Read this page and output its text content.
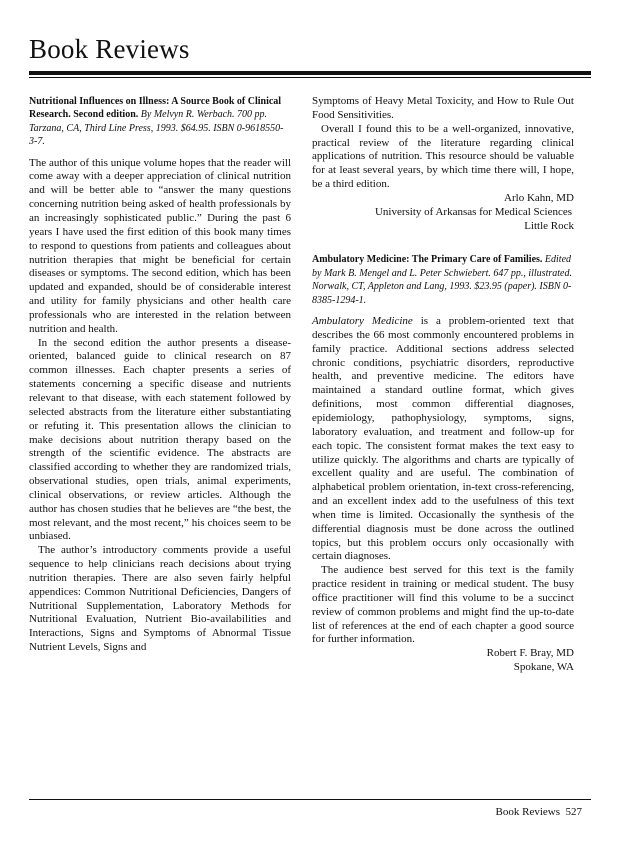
Book Reviews

Nutritional Influences on Illness: A Source Book of Clinical Research. Second edition. By Melvyn R. Werbach. 700 pp. Tarzana, CA, Third Line Press, 1993. $64.95. ISBN 0-9618550-3-7.

The author of this unique volume hopes that the reader will come away with a deeper appreciation of clinical nutrition and will be better able to “answer the many questions concerning nutrition being asked of health professionals by an increasingly sophisticated public.” During the past 6 years I have used the first edition of this book many times to respond to questions from patients and colleagues about nutrition therapies that might be beneficial for certain diseases or symptoms. The second edition, which has been updated and expanded, should be of considerable interest and utility for family physicians and other health care professionals who are interested in the relation between nutrition and health.

In the second edition the author presents a disease-oriented, balanced guide to clinical research on 87 common illnesses. Each chapter presents a series of statements concerning a specific disease and nutrients relevant to that disease, with each statement followed by selected abstracts from the literature either substantiating or refuting it. This presentation allows the clinician to make decisions about nutrition therapy based on the strength of the scientific evidence. The abstracts are classified according to whether they are randomized trials, observational studies, open trials, animal experiments, clinical observations, or review articles. Although the author has chosen studies that he believes are “the best, the most relevant, and the most recent,” his choices seem to be unbiased.

The author’s introductory comments provide a useful sequence to help clinicians reach decisions about trying nutrition therapies. There are also seven fairly helpful appendices: Common Nutritional Deficiencies, Dangers of Nutritional Supplementation, Laboratory Methods for Nutritional Evaluation, Nutrient Bio-availabilities and Interactions, Signs and Symptoms of Abnormal Tissue Nutrient Levels, Signs and

Symptoms of Heavy Metal Toxicity, and How to Rule Out Food Sensitivities.

Overall I found this to be a well-organized, innovative, practical review of the literature regarding clinical applications of nutrition. This resource should be valuable for at least several years, by which time there will, I hope, be a third edition.

Arlo Kahn, MD
University of Arkansas for Medical Sciences
Little Rock

Ambulatory Medicine: The Primary Care of Families. Edited by Mark B. Mengel and L. Peter Schwiebert. 647 pp., illustrated. Norwalk, CT, Appleton and Lang, 1993. $23.95 (paper). ISBN 0-8385-1294-1.

Ambulatory Medicine is a problem-oriented text that describes the 66 most commonly encountered problems in family practice. Additional sections address selected chronic conditions, psychiatric disorders, reproductive health, and preventive medicine. The editors have maintained a standard outline format, which gives definitions, most common differential diagnoses, epidemiology, pathophysiology, symptoms, signs, laboratory evaluation, and treatment and follow-up for each topic. The consistent format makes the text easy to utilize quickly. The algorithms and charts are typically of excellent quality and are useful. The combination of alphabetical problem orientation, in-text cross-referencing, and an excellent index add to the usefulness of this text when time is limited. Occasionally the synthesis of the differential diagnosis must be done across the outlined topics, but this problem occurs only occasionally with certain diagnoses.

The audience best served for this text is the family practice resident in training or medical student. The busy office practitioner will find this volume to be a succinct review of common problems and might find the up-to-date list of references at the end of each chapter a good source for further information.

Robert F. Bray, MD
Spokane, WA
Book Reviews 527
